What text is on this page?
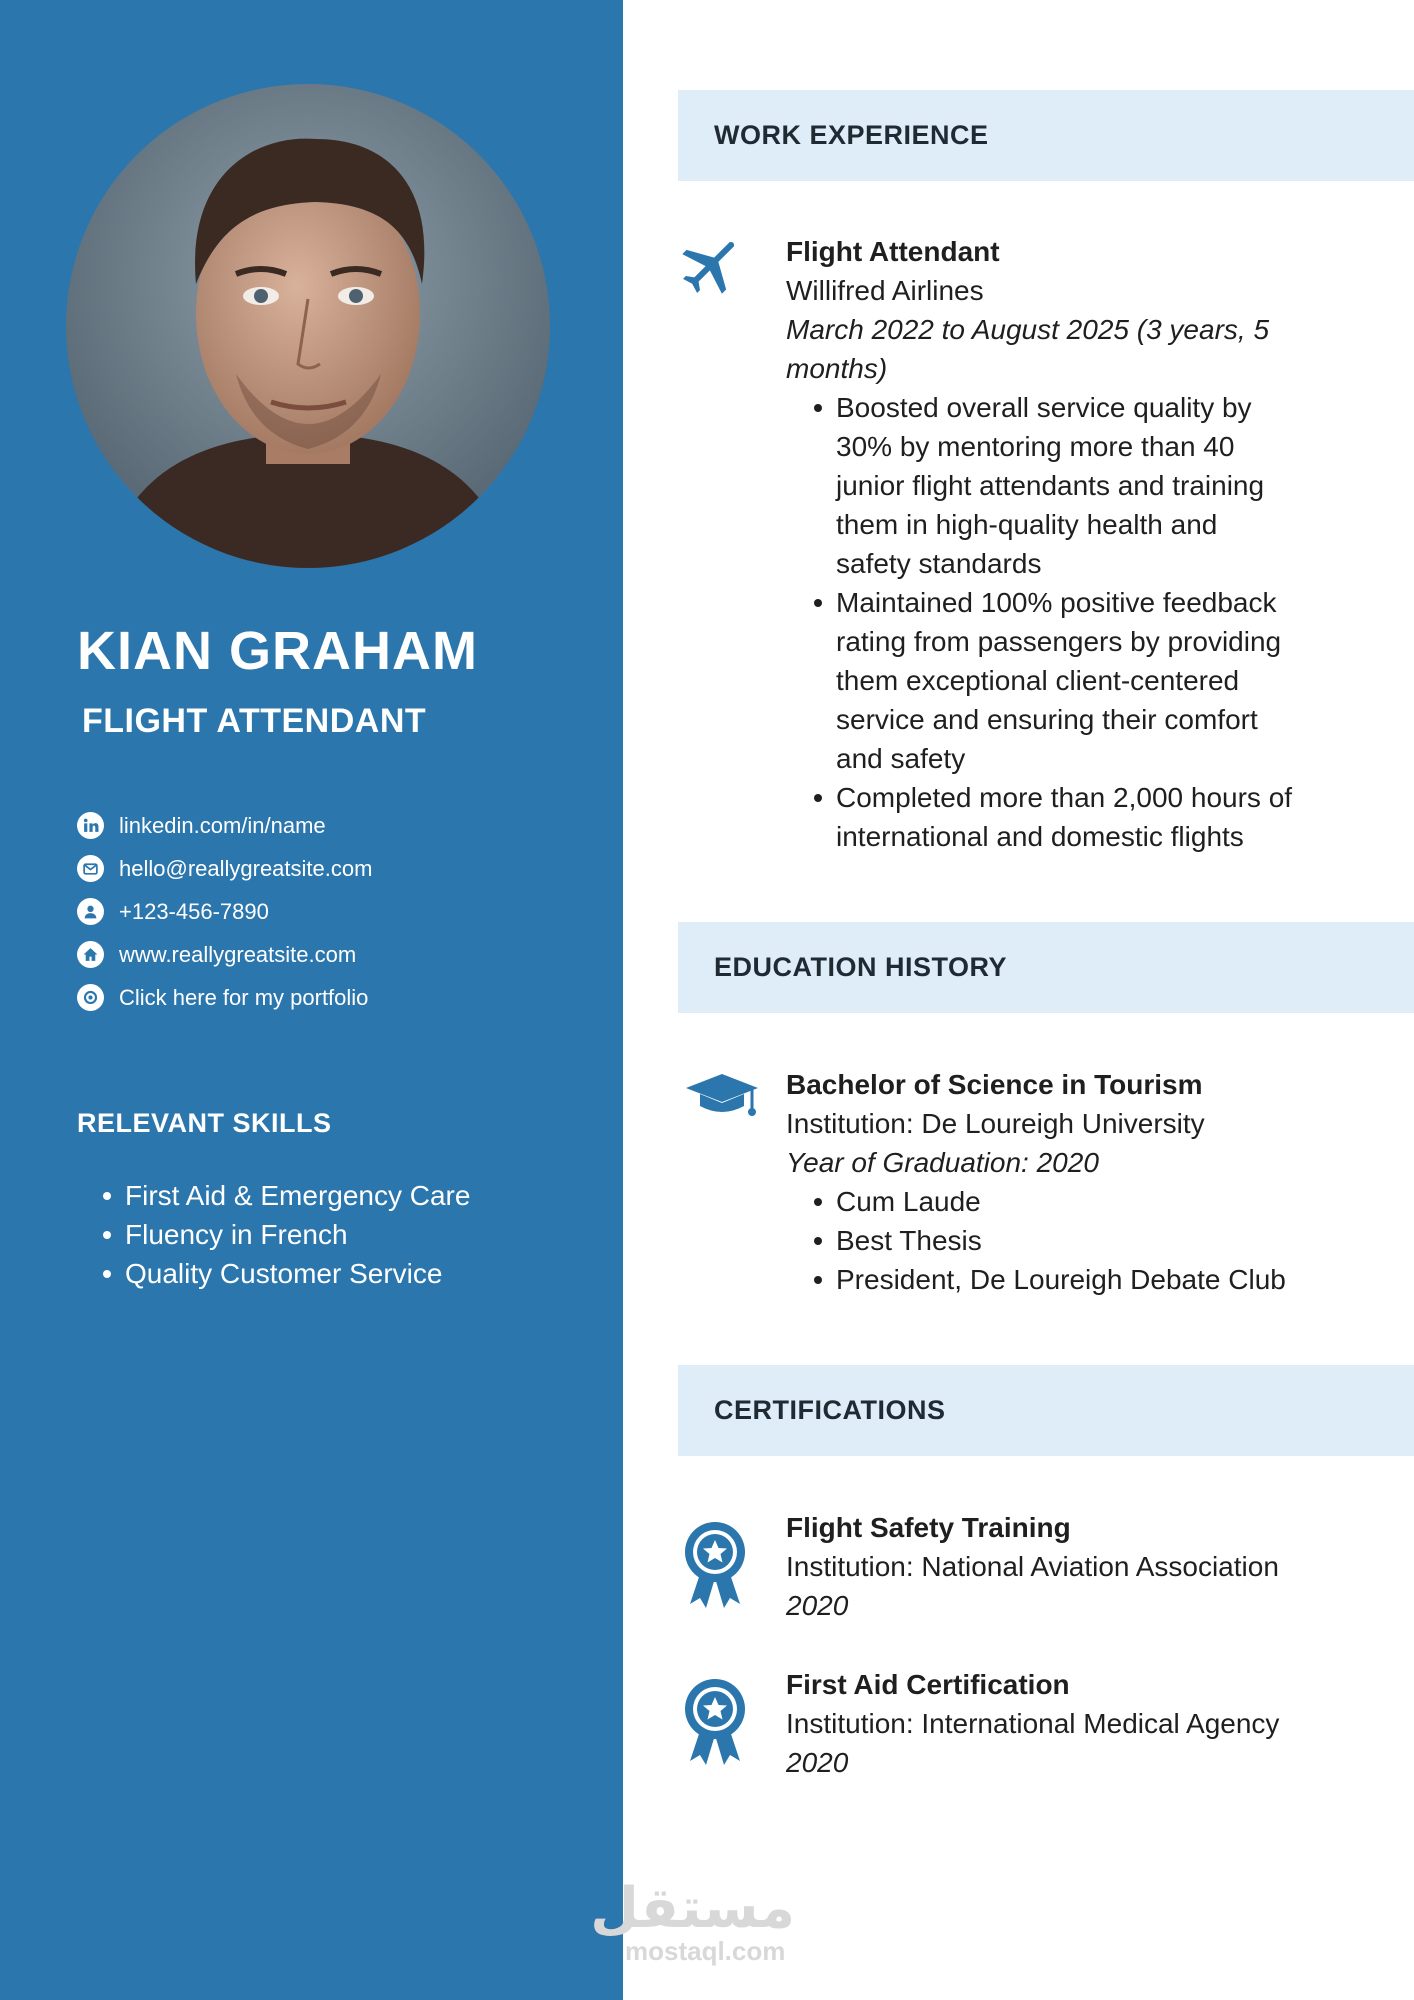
KIAN GRAHAM
FLIGHT ATTENDANT
linkedin.com/in/name
hello@reallygreatsite.com
+123-456-7890
www.reallygreatsite.com
Click here for my portfolio
RELEVANT SKILLS
First Aid & Emergency Care
Fluency in French
Quality Customer Service
WORK EXPERIENCE
Flight Attendant
Willifred Airlines
March 2022 to August 2025 (3 years, 5 months)
Boosted overall service quality by 30% by mentoring more than 40 junior flight attendants and training them in high-quality health and safety standards
Maintained 100% positive feedback rating from passengers by providing them exceptional client-centered service and ensuring their comfort and safety
Completed more than 2,000 hours of international and domestic flights
EDUCATION HISTORY
Bachelor of Science in Tourism
Institution: De Loureigh University
Year of Graduation: 2020
Cum Laude
Best Thesis
President, De Loureigh Debate Club
CERTIFICATIONS
Flight Safety Training
Institution: National Aviation Association
2020
First Aid Certification
Institution: International Medical Agency
2020
مستقل
mostaql.com
